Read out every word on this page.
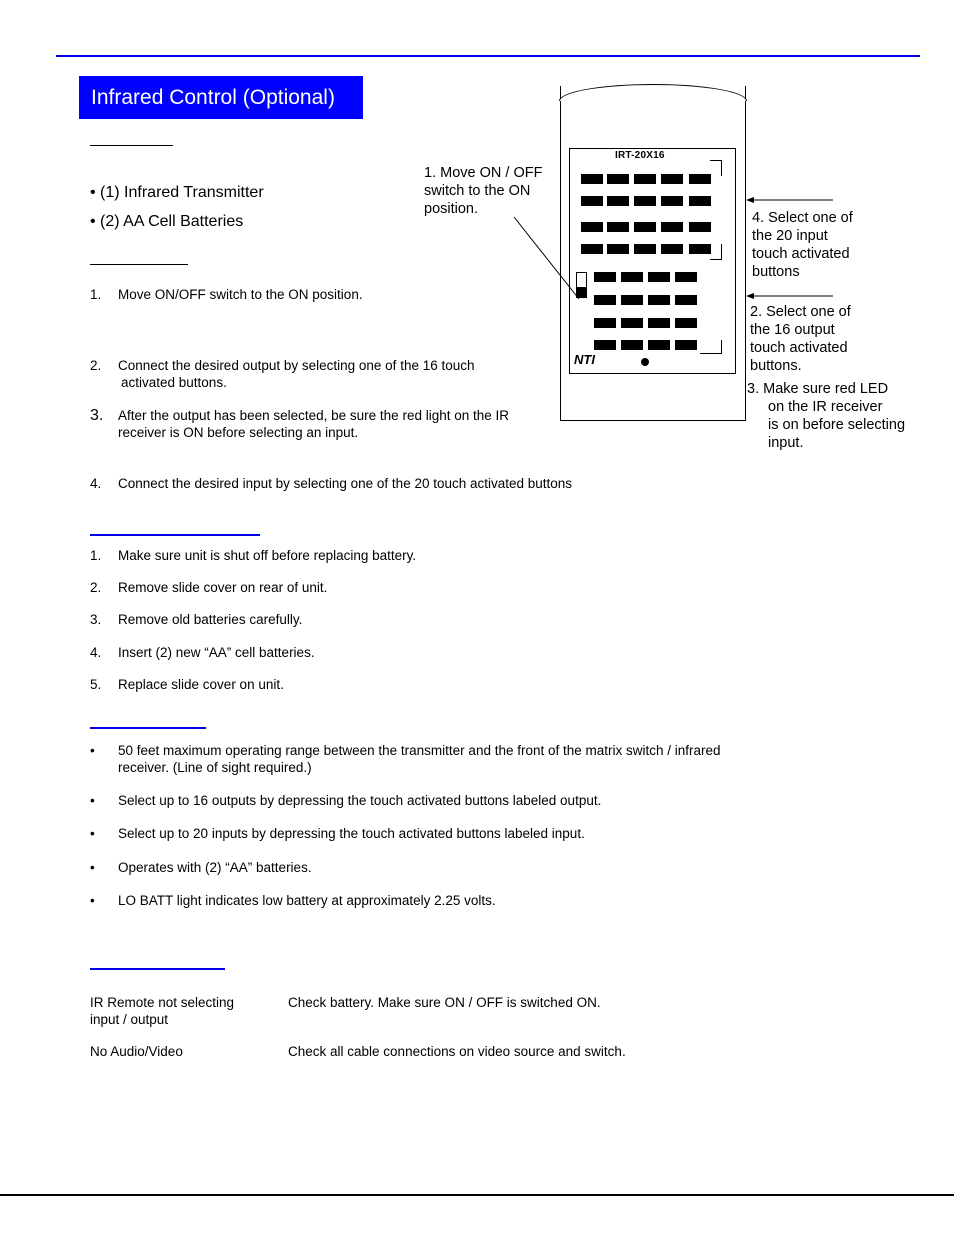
Infrared Control (Optional)
• (1) Infrared Transmitter
• (2) AA Cell Batteries
1. Move ON/OFF switch to the ON position.
2. Connect the desired output by selecting one of the 16 touch
activated buttons.
3. After the output has been selected, be sure the red light on the IR
receiver is ON before selecting an input.
4. Connect the desired input by selecting one of the 20 touch activated buttons
1. Make sure unit is shut off before replacing battery.
2. Remove slide cover on rear of unit.
3. Remove old batteries carefully.
4. Insert (2) new “AA” cell batteries.
5. Replace slide cover on unit.
• 50 feet maximum operating range between the transmitter and the front of the matrix switch / infrared
receiver. (Line of sight required.)
• Select up to 16 outputs by depressing the touch activated buttons labeled output.
• Select up to 20 inputs by depressing the touch activated buttons labeled input.
• Operates with (2) “AA” batteries.
• LO BATT light indicates low battery at approximately 2.25 volts.
IR Remote not selecting
input / output
Check battery. Make sure ON / OFF is switched ON.
No Audio/Video	Check all cable connections on video source and switch.
IRT-20X16
NTI
1. Move ON / OFF
switch to the ON
position.
4. Select one of
the 20 input
touch activated
buttons
2. Select one of
the 16 output
touch activated
buttons.
3. Make sure red LED
on the IR receiver
is on before selecting
input.
